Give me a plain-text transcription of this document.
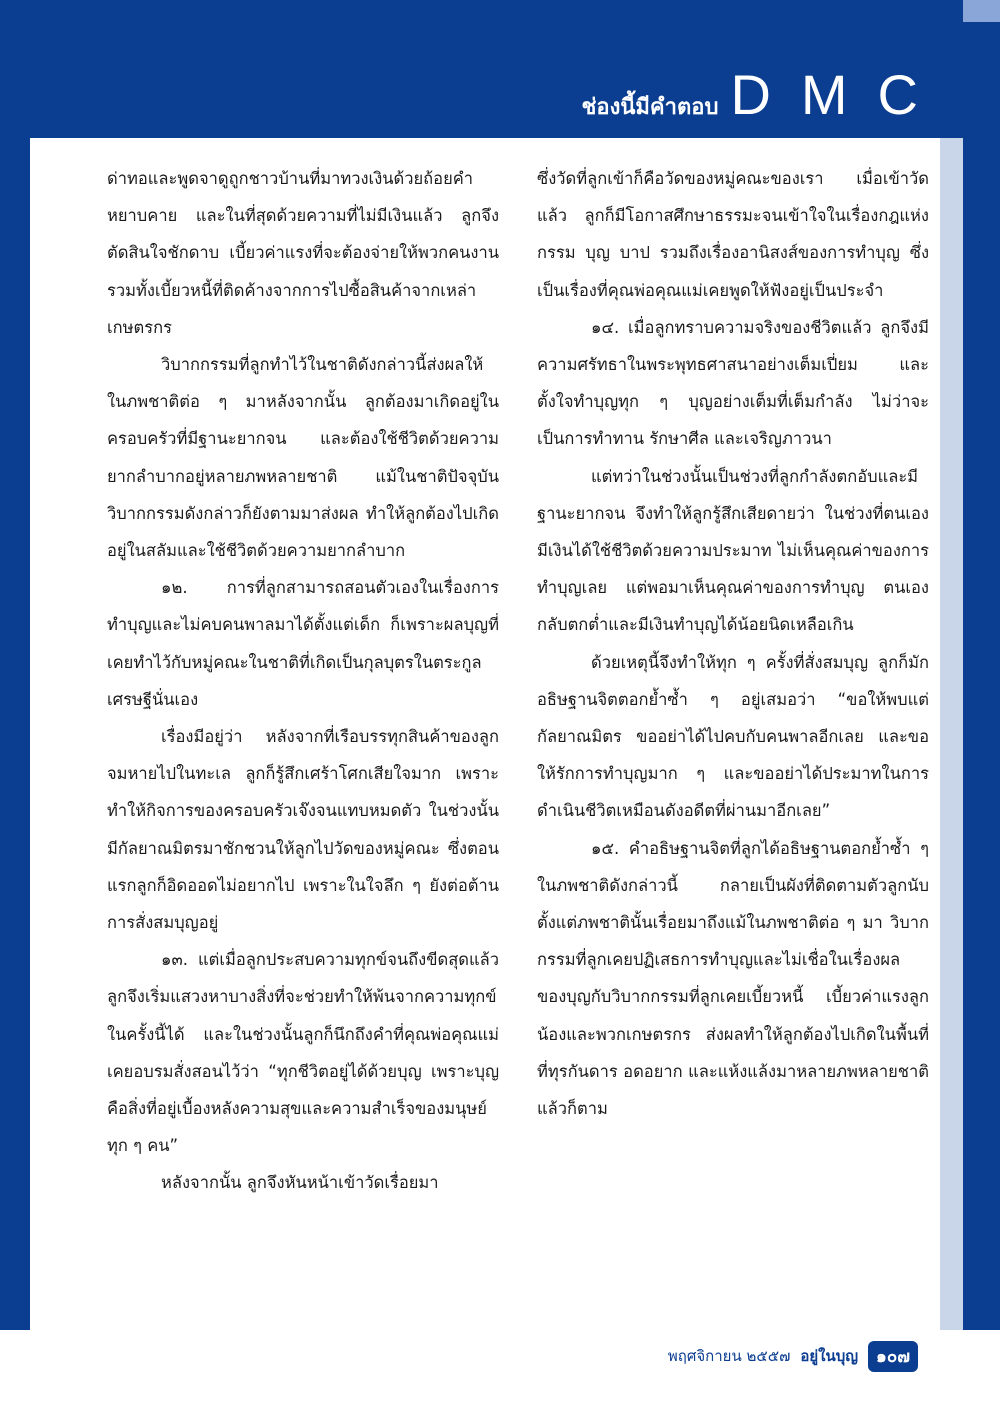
ช่องนี้มีคำตอบ DMC

ด่าทอและพูดจาดูถูกชาวบ้านที่มาทวงเงินด้วยถ้อยคำหยาบคาย และในที่สุดด้วยความที่ไม่มีเงินแล้ว ลูกจึงตัดสินใจชักดาบ เบี้ยวค่าแรงที่จะต้องจ่ายให้พวกคนงาน รวมทั้งเบี้ยวหนี้ที่ติดค้างจากการไปซื้อสินค้าจากเหล่าเกษตรกร

วิบากกรรมที่ลูกทำไว้ในชาติดังกล่าวนี้ส่งผลให้ในภพชาติต่อ ๆ มาหลังจากนั้น ลูกต้องมาเกิดอยู่ในครอบครัวที่มีฐานะยากจน และต้องใช้ชีวิตด้วยความยากลำบากอยู่หลายภพหลายชาติ แม้ในชาติปัจจุบัน วิบากกรรมดังกล่าวก็ยังตามมาส่งผล ทำให้ลูกต้องไปเกิดอยู่ในสลัมและใช้ชีวิตด้วยความยากลำบาก

๑๒. การที่ลูกสามารถสอนตัวเองในเรื่องการทำบุญและไม่คบคนพาลมาได้ตั้งแต่เด็ก ก็เพราะผลบุญที่เคยทำไว้กับหมู่คณะในชาติที่เกิดเป็นกุลบุตรในตระกูลเศรษฐีนั่นเอง

เรื่องมีอยู่ว่า หลังจากที่เรือบรรทุกสินค้าของลูกจมหายไปในทะเล ลูกก็รู้สึกเศร้าโศกเสียใจมาก เพราะทำให้กิจการของครอบครัวเจ๊งจนแทบหมดตัว ในช่วงนั้นมีกัลยาณมิตรมาชักชวนให้ลูกไปวัดของหมู่คณะ ซึ่งตอนแรกลูกก็อิดออดไม่อยากไป เพราะในใจลึก ๆ ยังต่อต้านการสั่งสมบุญอยู่

๑๓. แต่เมื่อลูกประสบความทุกข์จนถึงขีดสุดแล้ว ลูกจึงเริ่มแสวงหาบางสิ่งที่จะช่วยทำให้พ้นจากความทุกข์ในครั้งนี้ได้ และในช่วงนั้นลูกก็นึกถึงคำที่คุณพ่อคุณแม่เคยอบรมสั่งสอนไว้ว่า “ทุกชีวิตอยู่ได้ด้วยบุญ เพราะบุญคือสิ่งที่อยู่เบื้องหลังความสุขและความสำเร็จของมนุษย์ทุก ๆ คน”

หลังจากนั้น ลูกจึงหันหน้าเข้าวัดเรื่อยมา

ซึ่งวัดที่ลูกเข้าก็คือวัดของหมู่คณะของเรา เมื่อเข้าวัดแล้ว ลูกก็มีโอกาสศึกษาธรรมะจนเข้าใจในเรื่องกฎแห่งกรรม บุญ บาป รวมถึงเรื่องอานิสงส์ของการทำบุญ ซึ่งเป็นเรื่องที่คุณพ่อคุณแม่เคยพูดให้ฟังอยู่เป็นประจำ

๑๔. เมื่อลูกทราบความจริงของชีวิตแล้ว ลูกจึงมีความศรัทธาในพระพุทธศาสนาอย่างเต็มเปี่ยม และตั้งใจทำบุญทุก ๆ บุญอย่างเต็มที่เต็มกำลัง ไม่ว่าจะเป็นการทำทาน รักษาศีล และเจริญภาวนา

แต่ทว่าในช่วงนั้นเป็นช่วงที่ลูกกำลังตกอับและมีฐานะยากจน จึงทำให้ลูกรู้สึกเสียดายว่า ในช่วงที่ตนเองมีเงินได้ใช้ชีวิตด้วยความประมาท ไม่เห็นคุณค่าของการทำบุญเลย แต่พอมาเห็นคุณค่าของการทำบุญ ตนเองกลับตกต่ำและมีเงินทำบุญได้น้อยนิดเหลือเกิน

ด้วยเหตุนี้จึงทำให้ทุก ๆ ครั้งที่สั่งสมบุญ ลูกก็มักอธิษฐานจิตตอกย้ำซ้ำ ๆ อยู่เสมอว่า “ขอให้พบแต่กัลยาณมิตร ขออย่าได้ไปคบกับคนพาลอีกเลย และขอให้รักการทำบุญมาก ๆ และขออย่าได้ประมาทในการดำเนินชีวิตเหมือนดังอดีตที่ผ่านมาอีกเลย”

๑๕. คำอธิษฐานจิตที่ลูกได้อธิษฐานตอกย้ำซ้ำ ๆ ในภพชาติดังกล่าวนี้ กลายเป็นผังที่ติดตามตัวลูกนับตั้งแต่ภพชาตินั้นเรื่อยมาถึงแม้ในภพชาติต่อ ๆ มา วิบากกรรมที่ลูกเคยปฏิเสธการทำบุญและไม่เชื่อในเรื่องผลของบุญกับวิบากกรรมที่ลูกเคยเบี้ยวหนี้ เบี้ยวค่าแรงลูกน้องและพวกเกษตรกร ส่งผลทำให้ลูกต้องไปเกิดในพื้นที่ที่ทุรกันดาร อดอยาก และแห้งแล้งมาหลายภพหลายชาติแล้วก็ตาม

พฤศจิกายน ๒๕๕๗ อยู่ในบุญ	๑๐๗
